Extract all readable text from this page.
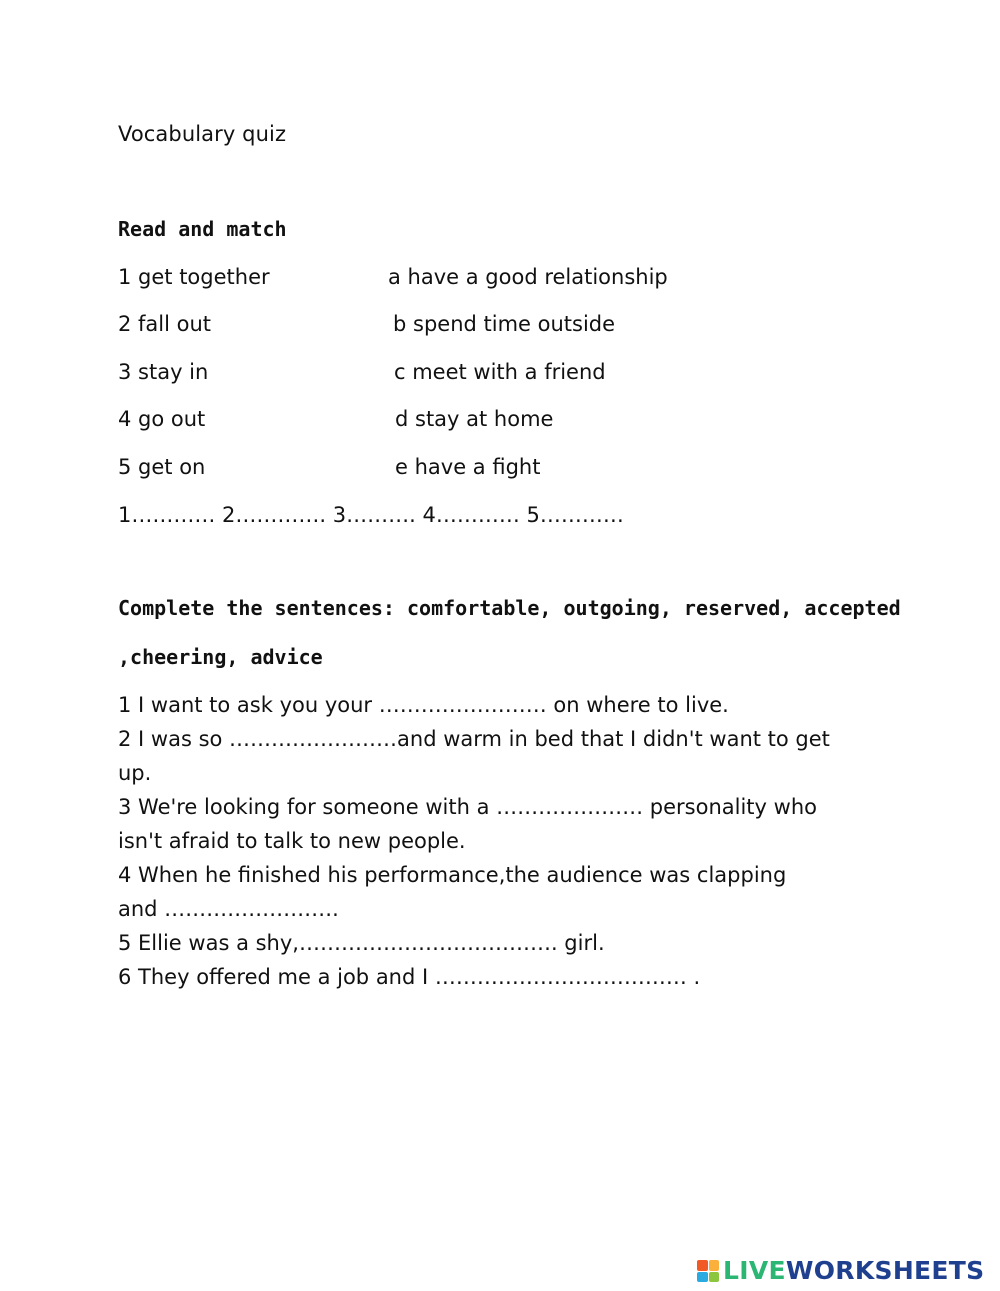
Vocabulary quiz
Read and match
1 get together	a have a good relationship
2 fall out	b spend time outside
3 stay in	c meet with a friend
4 go out	d stay at home
5 get on	e have a fight
1………… 2…………. 3………. 4………… 5…………
Complete the sentences: comfortable, outgoing, reserved, accepted
,cheering, advice
1 I want to ask you your …………………… on where to live.
2 I was so ……………………and warm in bed that I didn't want to get
up.
3 We're looking for someone with a ………………… personality who
isn't afraid to talk to new people.
4 When he finished his performance,the audience was clapping
and …………………….
5 Ellie was a shy,………………………………. girl.
6 They offered me a job and I ……………………………… .
LIVE WORKSHEETS
